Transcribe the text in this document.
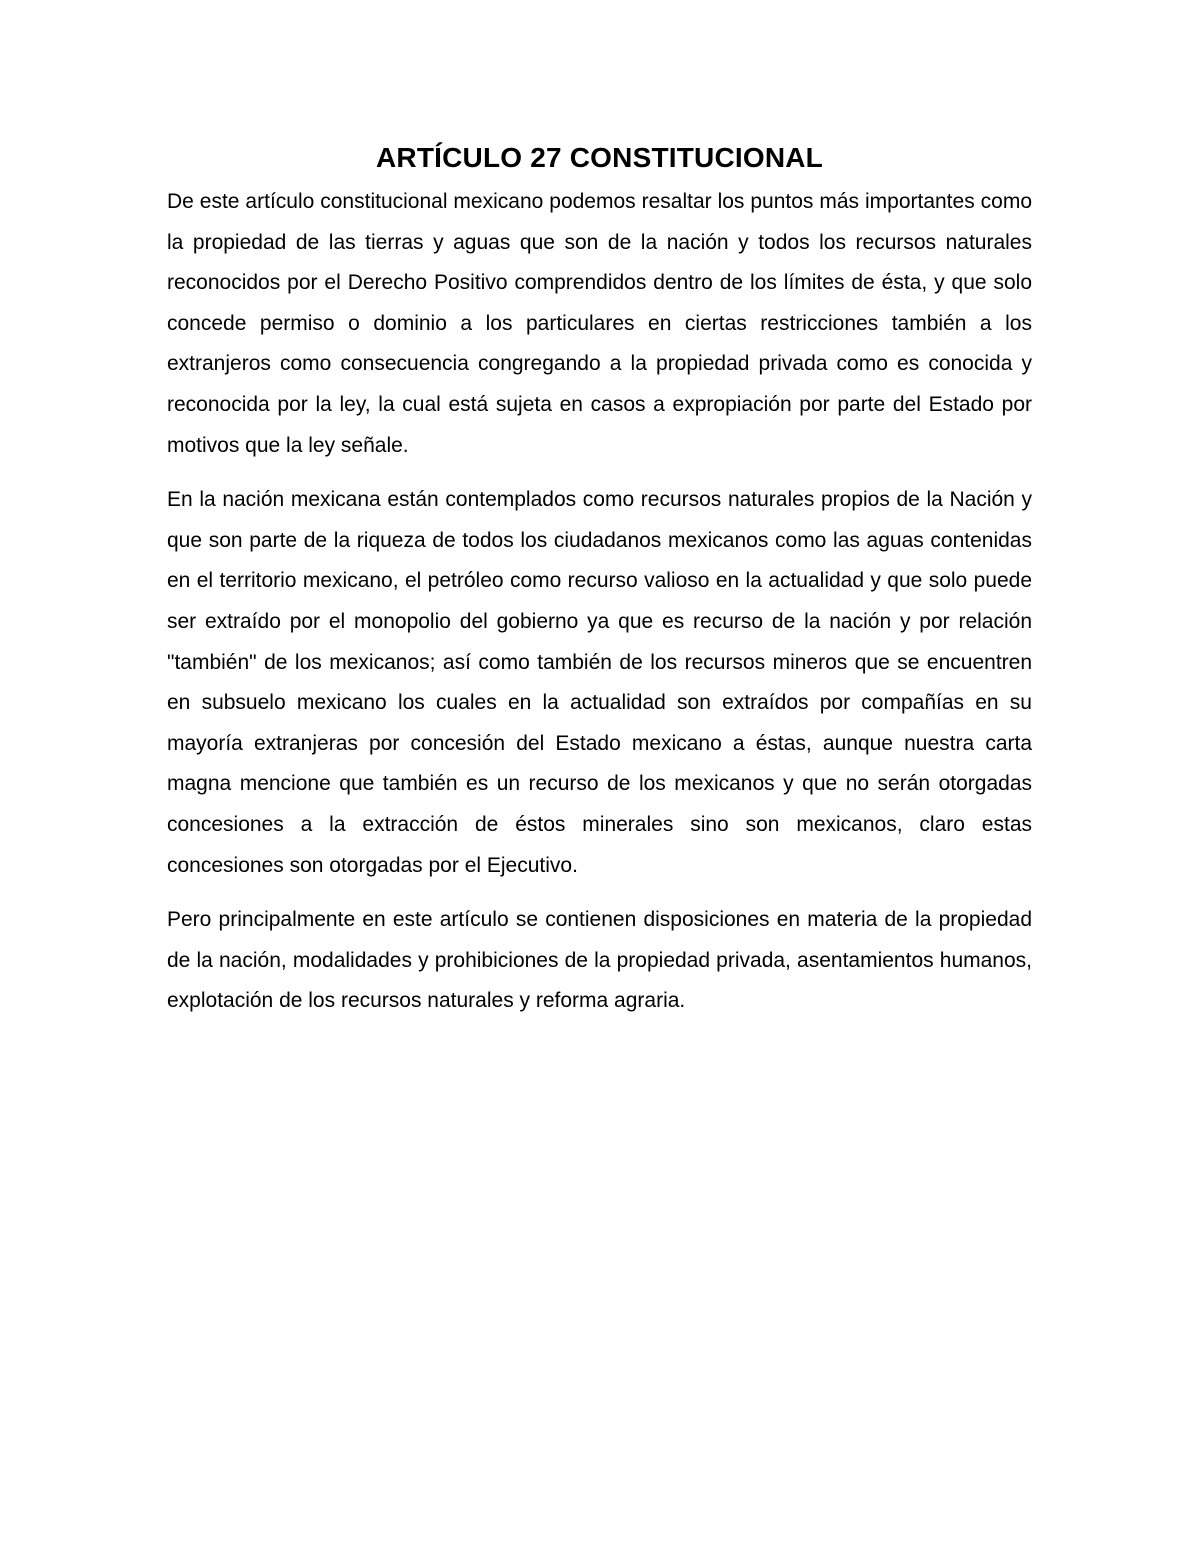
ARTÍCULO 27 CONSTITUCIONAL

De este artículo constitucional mexicano podemos resaltar los puntos más importantes como la propiedad de las tierras y aguas que son de la nación y todos los recursos naturales reconocidos por el Derecho Positivo comprendidos dentro de los límites de ésta, y que solo concede permiso o dominio a los particulares en ciertas restricciones también a los extranjeros como consecuencia congregando a la propiedad privada como es conocida y reconocida por la ley, la cual está sujeta en casos a expropiación por parte del Estado por motivos que la ley señale.

En la nación mexicana están contemplados como recursos naturales propios de la Nación y que son parte de la riqueza de todos los ciudadanos mexicanos como las aguas contenidas en el territorio mexicano, el petróleo como recurso valioso en la actualidad y que solo puede ser extraído por el monopolio del gobierno ya que es recurso de la nación y por relación "también" de los mexicanos; así como también de los recursos mineros que se encuentren en subsuelo mexicano los cuales en la actualidad son extraídos por compañías en su mayoría extranjeras por concesión del Estado mexicano a éstas, aunque nuestra carta magna mencione que también es un recurso de los mexicanos y que no serán otorgadas concesiones a la extracción de éstos minerales sino son mexicanos, claro estas concesiones son otorgadas por el Ejecutivo.

Pero principalmente en este artículo se contienen disposiciones en materia de la propiedad de la nación, modalidades y prohibiciones de la propiedad privada, asentamientos humanos, explotación de los recursos naturales y reforma agraria.
